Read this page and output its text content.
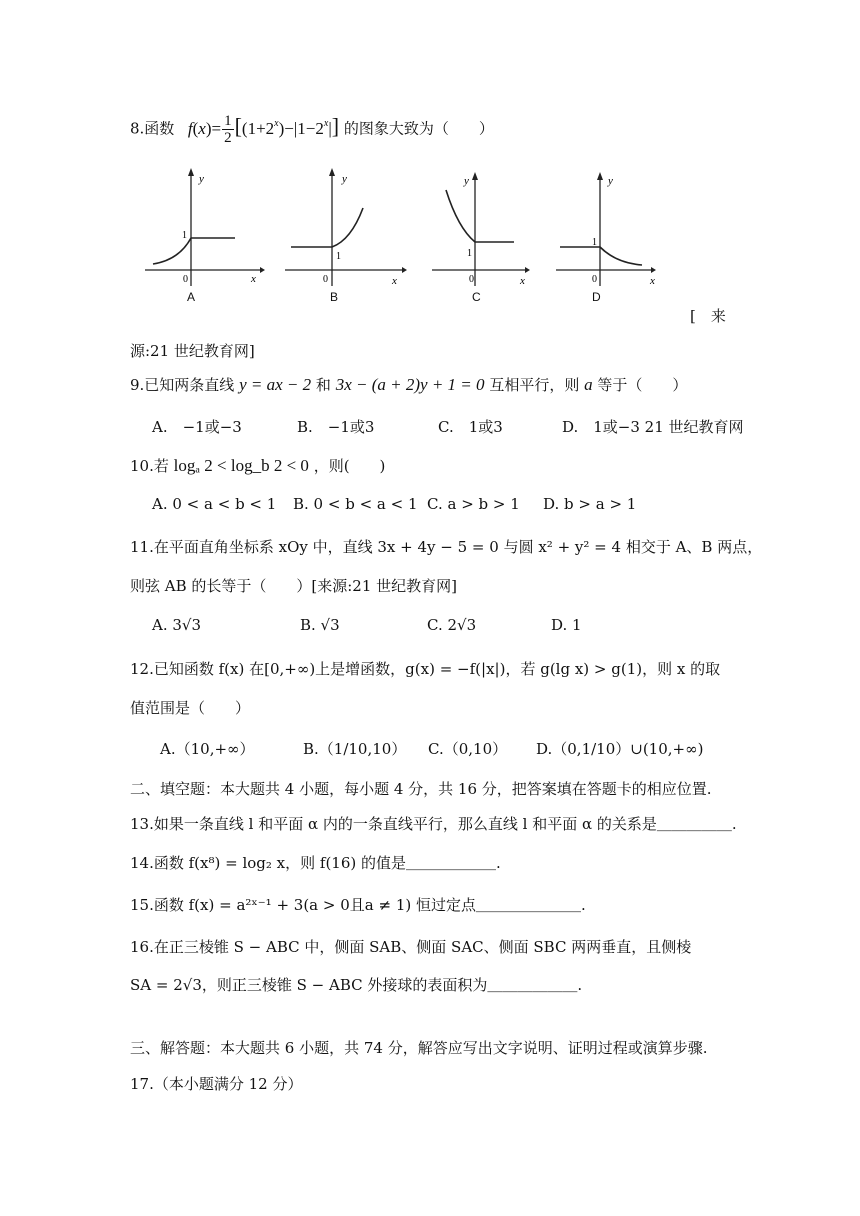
8.函数 $f(x)= \frac{1}{2} [(1+2^x)-|1-2^x|]$ 的图象大致为（　　）
y
x
1
0
A
y
x
1
0
B
y
x
1
0
C
y
x
1
0
D
[　来
源:21 世纪教育网]
9.已知两条直线 y = ax − 2 和 3x − (a + 2)y + 1 = 0 互相平行，则 a 等于（　　）
A.　−1或−3	B.　−1或3	C.　1或3	D.　1或−3 21 世纪教育网
10.若 logₐ 2 < log_b 2 < 0 ，则(　　)
A. 0 < a < b < 1 B. 0 < b < a < 1 C. a > b > 1 D. b > a > 1
11.在平面直角坐标系 xOy 中，直线 3x + 4y − 5 = 0 与圆 x² + y² = 4 相交于 A、B 两点，
则弦 AB 的长等于（　　）[来源:21 世纪教育网]
A. 3√3	B. √3	C. 2√3	D. 1
12.已知函数 f(x) 在[0,+∞)上是增函数，g(x) = −f(|x|)，若 g(lg x) > g(1)，则 x 的取
值范围是（　　）
A.（10,+∞）	B.（1/10,10） C.（0,10） D.（0,1/10）∪(10,+∞)
二、填空题：本大题共 4 小题，每小题 4 分，共 16 分，把答案填在答题卡的相应位置.
13.如果一条直线 l 和平面 α 内的一条直线平行，那么直线 l 和平面 α 的关系是＿＿＿＿＿.
14.函数 f(x⁸) = log₂ x，则 f(16) 的值是＿＿＿＿＿＿.
15.函数 f(x) = a²ˣ⁻¹ + 3(a > 0且a ≠ 1) 恒过定点＿＿＿＿＿＿＿.
16.在正三棱锥 S − ABC 中，侧面 SAB、侧面 SAC、侧面 SBC 两两垂直，且侧棱
SA = 2√3，则正三棱锥 S − ABC 外接球的表面积为＿＿＿＿＿＿.
三、解答题：本大题共 6 小题，共 74 分，解答应写出文字说明、证明过程或演算步骤.
17.（本小题满分 12 分）
